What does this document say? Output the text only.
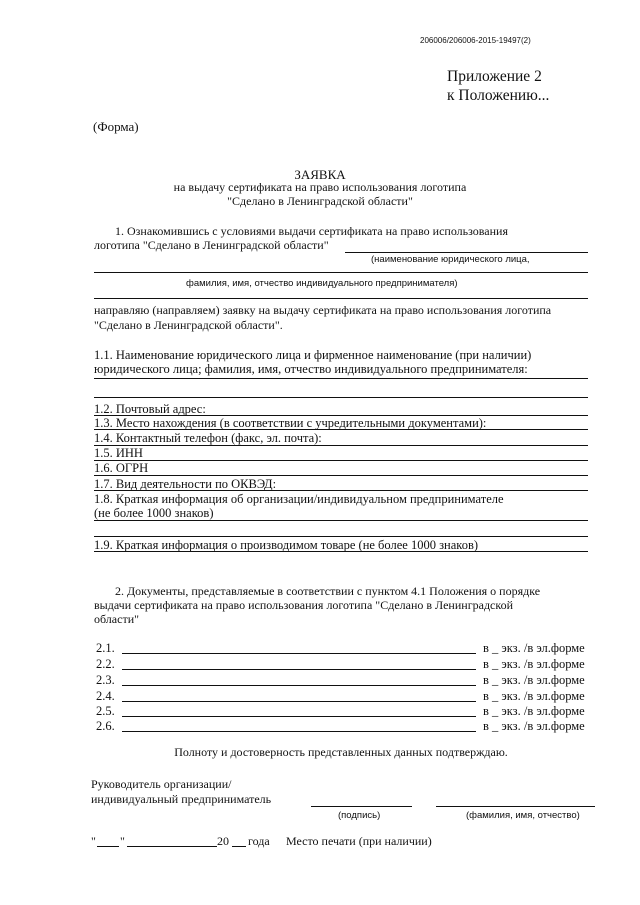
206006/206006-2015-19497(2)
Приложение 2
к Положению...
(Форма)
ЗАЯВКА
на выдачу сертификата на право использования логотипа
"Сделано в Ленинградской области"
1. Ознакомившись с условиями выдачи сертификата на право использования
логотипа "Сделано в Ленинградской области"
(наименование юридического лица,
фамилия, имя, отчество индивидуального предпринимателя)
направляю (направляем) заявку на выдачу сертификата на право использования логотипа
"Сделано в Ленинградской области".
1.1. Наименование юридического лица и фирменное наименование (при наличии)
юридического лица; фамилия, имя, отчество индивидуального предпринимателя:
1.2. Почтовый адрес:
1.3. Место нахождения (в соответствии с учредительными документами):
1.4. Контактный телефон (факс, эл. почта):
1.5. ИНН
1.6. ОГРН
1.7. Вид деятельности по ОКВЭД:
1.8. Краткая информация об организации/индивидуальном предпринимателе
(не более 1000 знаков)
1.9. Краткая информация о производимом товаре (не более 1000 знаков)
2. Документы, представляемые в соответствии с пунктом 4.1 Положения о порядке
выдачи сертификата на право использования логотипа "Сделано в Ленинградской
области"
2.1.	в _ экз. /в эл.форме
2.2.	в _ экз. /в эл.форме
2.3.	в _ экз. /в эл.форме
2.4.	в _ экз. /в эл.форме
2.5.	в _ экз. /в эл.форме
2.6.	в _ экз. /в эл.форме
Полноту и достоверность представленных данных подтверждаю.
Руководитель организации/
индивидуальный предприниматель
(подпись)	(фамилия, имя, отчество)
" "	20 года Место печати (при наличии)
